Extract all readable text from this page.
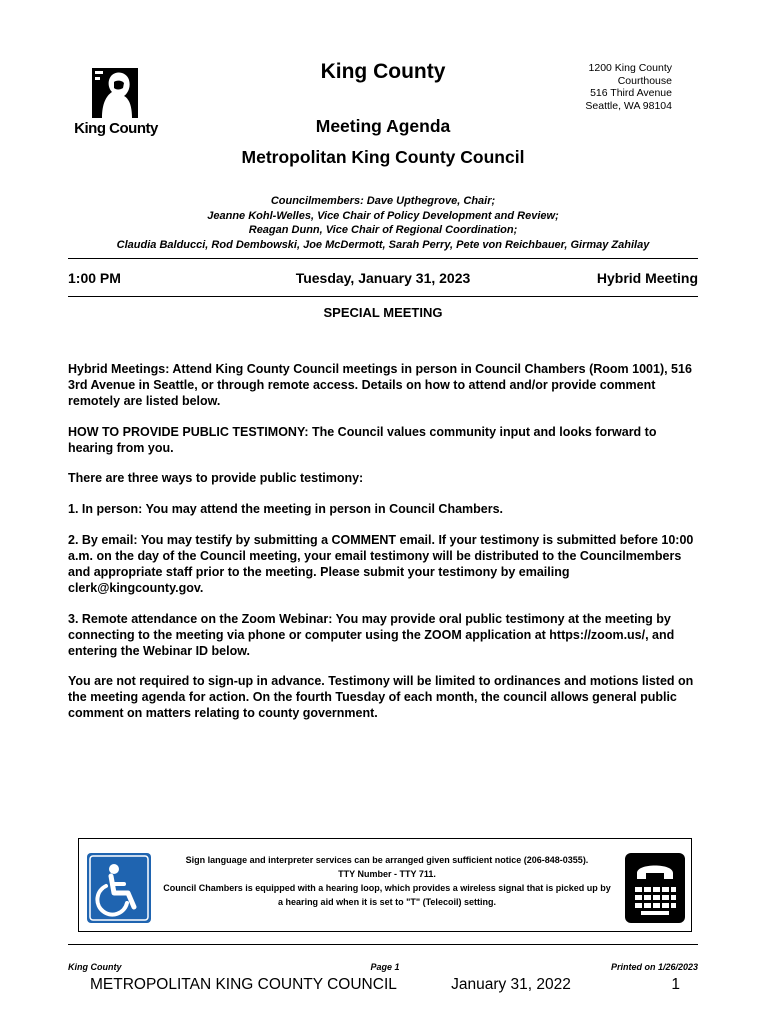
King County
King County	1200 King County
Courthouse
516 Third Avenue
Seattle, WA 98104
Meeting Agenda
Metropolitan King County Council
Councilmembers: Dave Upthegrove, Chair;
Jeanne Kohl-Welles, Vice Chair of Policy Development and Review;
Reagan Dunn, Vice Chair of Regional Coordination;
Claudia Balducci, Rod Dembowski, Joe McDermott, Sarah Perry, Pete von Reichbauer, Girmay Zahilay
1:00 PM	Tuesday, January 31, 2023	Hybrid Meeting
SPECIAL MEETING
Hybrid Meetings: Attend King County Council meetings in person in Council Chambers (Room 1001), 516 3rd Avenue in Seattle, or through remote access. Details on how to attend and/or provide comment remotely are listed below.
HOW TO PROVIDE PUBLIC TESTIMONY: The Council values community input and looks forward to hearing from you.
There are three ways to provide public testimony:
1. In person: You may attend the meeting in person in Council Chambers.
2. By email: You may testify by submitting a COMMENT email. If your testimony is submitted before 10:00 a.m. on the day of the Council meeting, your email testimony will be distributed to the Councilmembers and appropriate staff prior to the meeting. Please submit your testimony by emailing clerk@kingcounty.gov.
3. Remote attendance on the Zoom Webinar: You may provide oral public testimony at the meeting by connecting to the meeting via phone or computer using the ZOOM application at https://zoom.us/, and entering the Webinar ID below.
You are not required to sign-up in advance. Testimony will be limited to ordinances and motions listed on the meeting agenda for action. On the fourth Tuesday of each month, the council allows general public comment on matters relating to county government.
Sign language and interpreter services can be arranged given sufficient notice (206-848-0355).
TTY Number - TTY 711.
Council Chambers is equipped with a hearing loop, which provides a wireless signal that is picked up by a hearing aid when it is set to "T" (Telecoil) setting.
King County	Page 1	Printed on 1/26/2023
METROPOLITAN KING COUNTY COUNCIL	January 31, 2022	1
